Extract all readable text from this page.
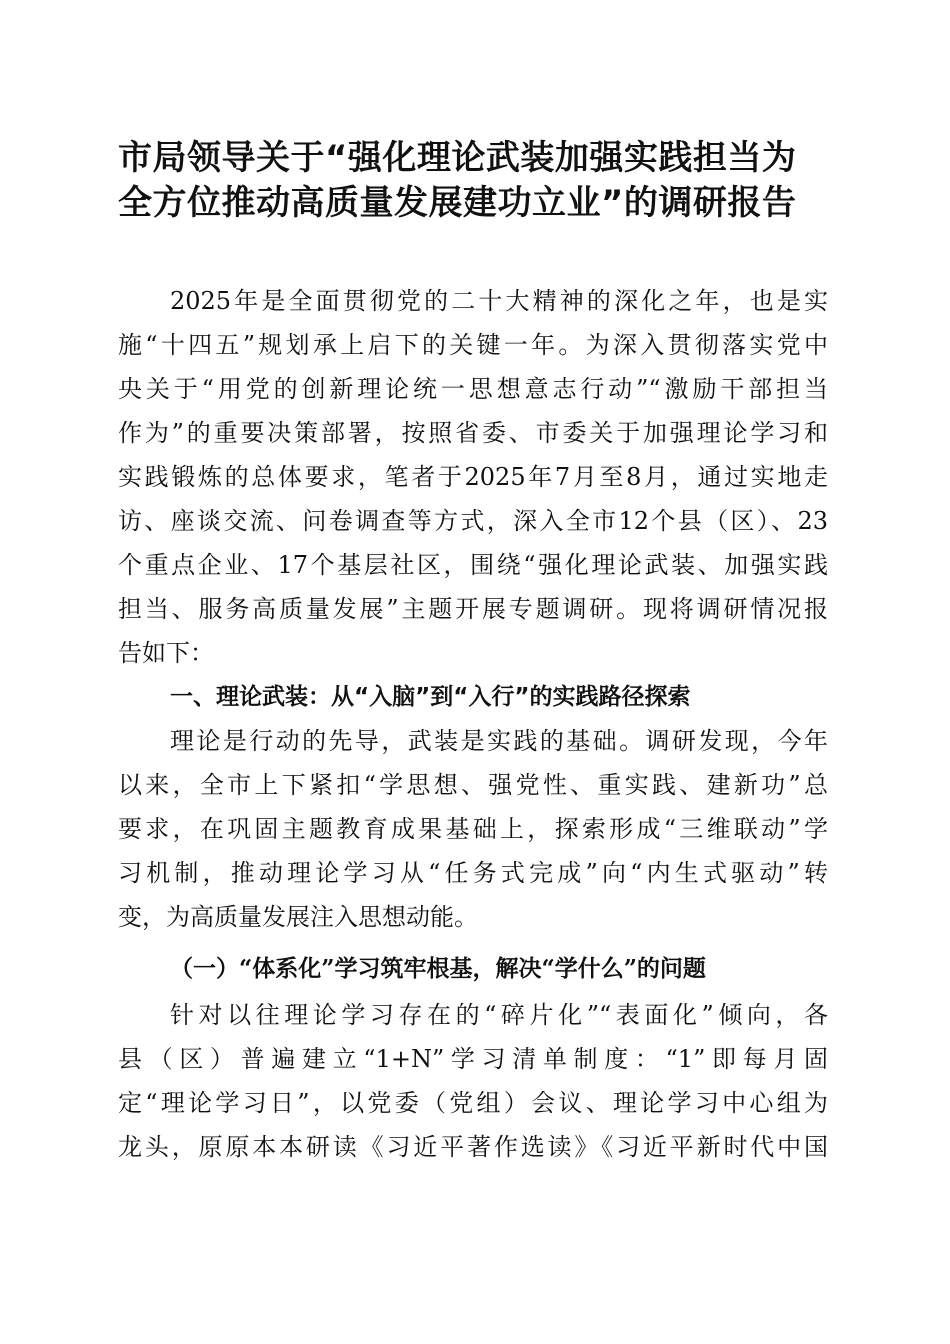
市局领导关于“强化理论武装加强实践担当为
全方位推动高质量发展建功立业”的调研报告
2025年是全面贯彻党的二十大精神的深化之年，也是实
施“十四五”规划承上启下的关键一年。为深入贯彻落实党中
央关于“用党的创新理论统一思想意志行动”“激励干部担当
作为”的重要决策部署，按照省委、市委关于加强理论学习和
实践锻炼的总体要求，笔者于2025年7月至8月，通过实地走
访、座谈交流、问卷调查等方式，深入全市12个县（区）、23
个重点企业、17个基层社区，围绕“强化理论武装、加强实践
担当、服务高质量发展”主题开展专题调研。现将调研情况报
告如下：
一、理论武装：从“入脑”到“入行”的实践路径探索
理论是行动的先导，武装是实践的基础。调研发现，今年
以来，全市上下紧扣“学思想、强党性、重实践、建新功”总
要求，在巩固主题教育成果基础上，探索形成“三维联动”学
习机制，推动理论学习从“任务式完成”向“内生式驱动”转
变，为高质量发展注入思想动能。
（一）“体系化”学习筑牢根基，解决“学什么”的问题
针对以往理论学习存在的“碎片化”“表面化”倾向，各
县（区）普遍建立“1+N”学习清单制度：“1”即每月固
定“理论学习日”，以党委（党组）会议、理论学习中心组为
龙头，原原本本研读《习近平著作选读》《习近平新时代中国
